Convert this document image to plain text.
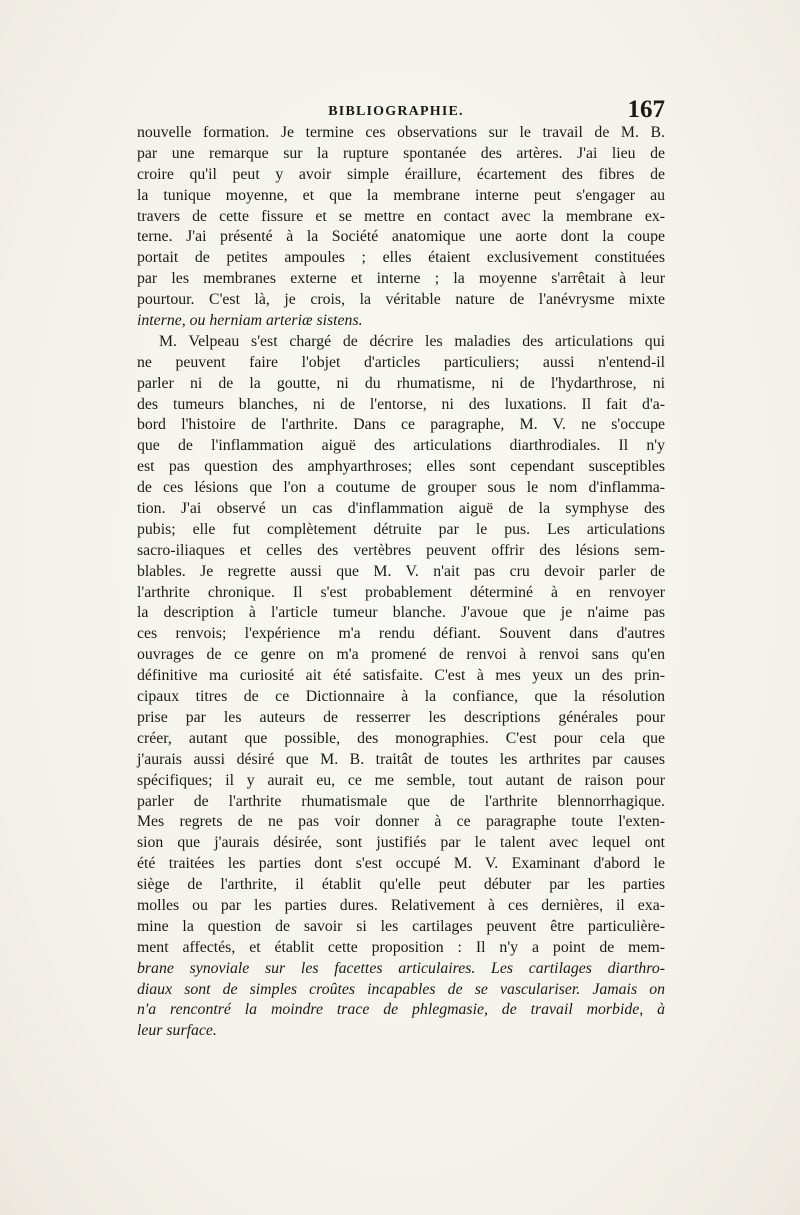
BIBLIOGRAPHIE.	167
nouvelle formation. Je termine ces observations sur le travail de M. B.
par une remarque sur la rupture spontanée des artères. J'ai lieu de
croire qu'il peut y avoir simple éraillure, écartement des fibres de
la tunique moyenne, et que la membrane interne peut s'engager au
travers de cette fissure et se mettre en contact avec la membrane ex-
terne. J'ai présenté à la Société anatomique une aorte dont la coupe
portait de petites ampoules ; elles étaient exclusivement constituées
par les membranes externe et interne ; la moyenne s'arrêtait à leur
pourtour. C'est là, je crois, la véritable nature de l'anévrysme mixte
interne, ou herniam arteriæ sistens.
M. Velpeau s'est chargé de décrire les maladies des articulations qui
ne peuvent faire l'objet d'articles particuliers; aussi n'entend-il
parler ni de la goutte, ni du rhumatisme, ni de l'hydarthrose, ni
des tumeurs blanches, ni de l'entorse, ni des luxations. Il fait d'a-
bord l'histoire de l'arthrite. Dans ce paragraphe, M. V. ne s'occupe
que de l'inflammation aiguë des articulations diarthrodiales. Il n'y
est pas question des amphyarthroses; elles sont cependant susceptibles
de ces lésions que l'on a coutume de grouper sous le nom d'inflamma-
tion. J'ai observé un cas d'inflammation aiguë de la symphyse des
pubis; elle fut complètement détruite par le pus. Les articulations
sacro-iliaques et celles des vertèbres peuvent offrir des lésions sem-
blables. Je regrette aussi que M. V. n'ait pas cru devoir parler de
l'arthrite chronique. Il s'est probablement déterminé à en renvoyer
la description à l'article tumeur blanche. J'avoue que je n'aime pas
ces renvois; l'expérience m'a rendu défiant. Souvent dans d'autres
ouvrages de ce genre on m'a promené de renvoi à renvoi sans qu'en
définitive ma curiosité ait été satisfaite. C'est à mes yeux un des prin-
cipaux titres de ce Dictionnaire à la confiance, que la résolution
prise par les auteurs de resserrer les descriptions générales pour
créer, autant que possible, des monographies. C'est pour cela que
j'aurais aussi désiré que M. B. traitât de toutes les arthrites par causes
spécifiques; il y aurait eu, ce me semble, tout autant de raison pour
parler de l'arthrite rhumatismale que de l'arthrite blennorrhagique.
Mes regrets de ne pas voir donner à ce paragraphe toute l'exten-
sion que j'aurais désirée, sont justifiés par le talent avec lequel ont
été traitées les parties dont s'est occupé M. V. Examinant d'abord le
siège de l'arthrite, il établit qu'elle peut débuter par les parties
molles ou par les parties dures. Relativement à ces dernières, il exa-
mine la question de savoir si les cartilages peuvent être particulière-
ment affectés, et établit cette proposition : Il n'y a point de mem-
brane synoviale sur les facettes articulaires. Les cartilages diarthro-
diaux sont de simples croûtes incapables de se vasculariser. Jamais on
n'a rencontré la moindre trace de phlegmasie, de travail morbide, à
leur surface.
